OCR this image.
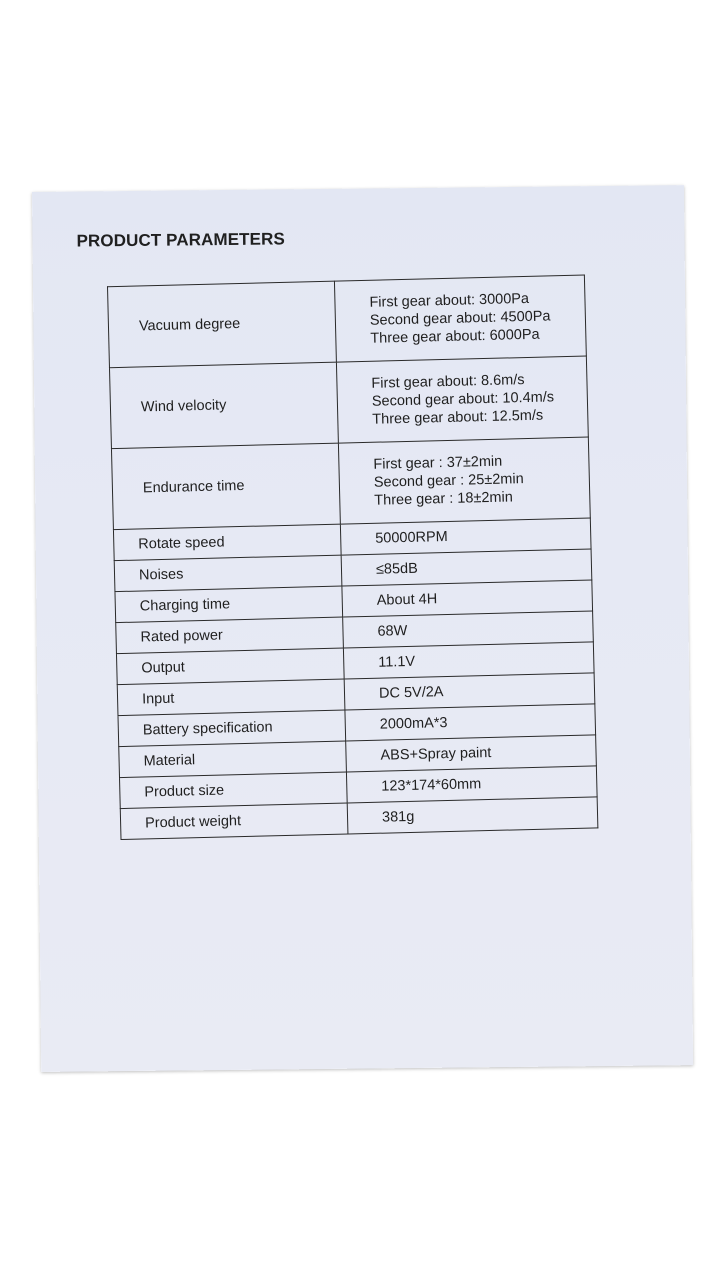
PRODUCT PARAMETERS
Vacuum degree	First gear about: 3000Pa
Second gear about: 4500Pa
Three gear about: 6000Pa

Wind velocity	First gear about: 8.6m/s
Second gear about: 10.4m/s
Three gear about: 12.5m/s

Endurance time	First gear : 37±2min
Second gear : 25±2min
Three gear : 18±2min

Rotate speed	50000RPM
Noises	≤85dB
Charging time	About 4H
Rated power	68W
Output	11.1V
Input	DC 5V/2A
Battery specification	2000mA*3
Material	ABS+Spray paint
Product size	123*174*60mm
Product weight	381g
